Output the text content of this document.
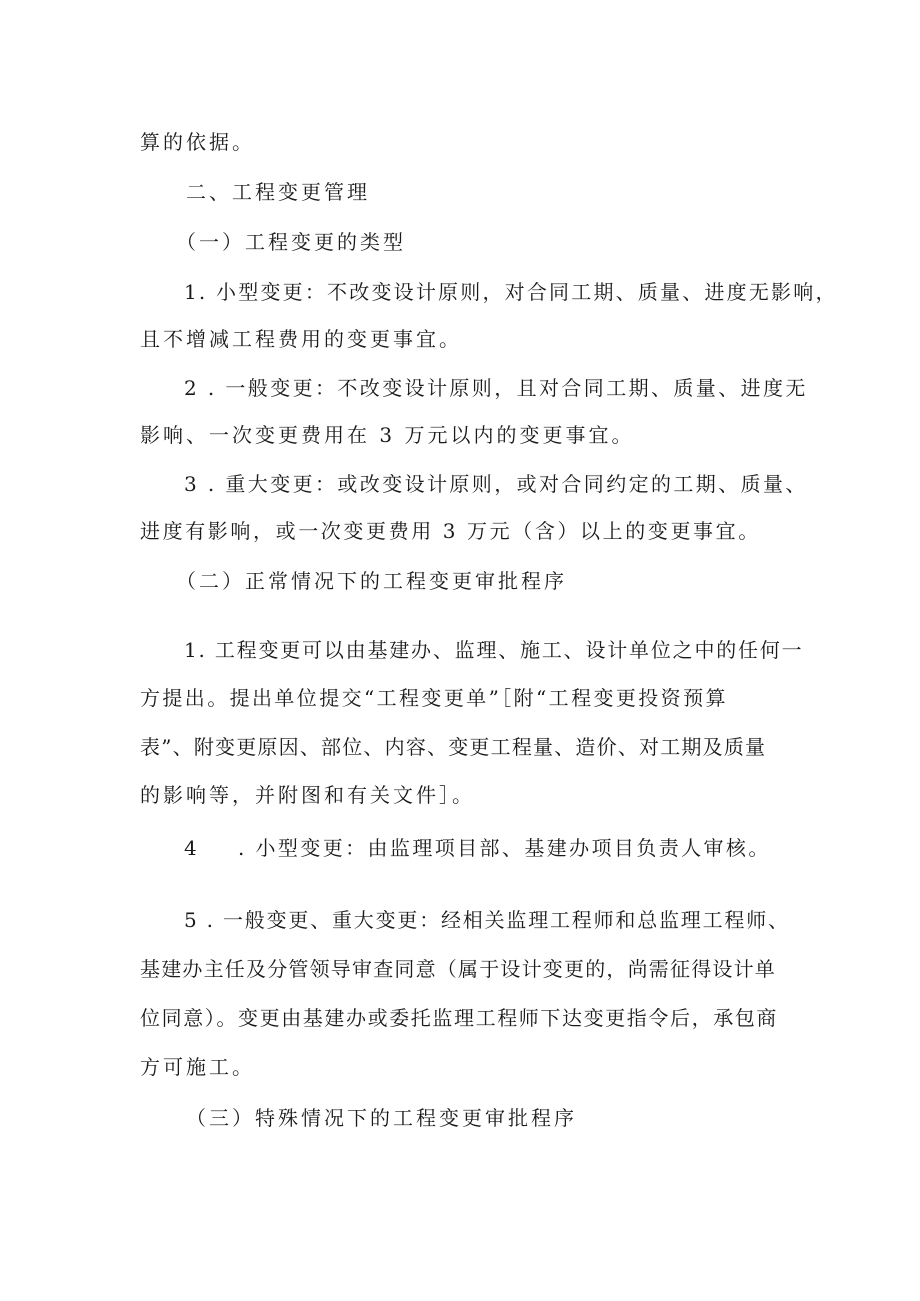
算的依据。
二、工程变更管理
（一）工程变更的类型
1. 小型变更：不改变设计原则，对合同工期、质量、进度无影响，
且不增减工程费用的变更事宜。
2 . 一般变更：不改变设计原则，且对合同工期、质量、进度无
影响、一次变更费用在 3 万元以内的变更事宜。
3 . 重大变更：或改变设计原则，或对合同约定的工期、质量、
进度有影响，或一次变更费用 3 万元（含）以上的变更事宜。
（二）正常情况下的工程变更审批程序
1. 工程变更可以由基建办、监理、施工、设计单位之中的任何一
方提出。提出单位提交“工程变更单”［附“工程变更投资预算
表”、附变更原因、部位、内容、变更工程量、造价、对工期及质量
的影响等，并附图和有关文件］。
4 . 小型变更：由监理项目部、基建办项目负责人审核。
5 . 一般变更、重大变更：经相关监理工程师和总监理工程师、
基建办主任及分管领导审查同意（属于设计变更的，尚需征得设计单
位同意）。变更由基建办或委托监理工程师下达变更指令后，承包商
方可施工。
（三）特殊情况下的工程变更审批程序
